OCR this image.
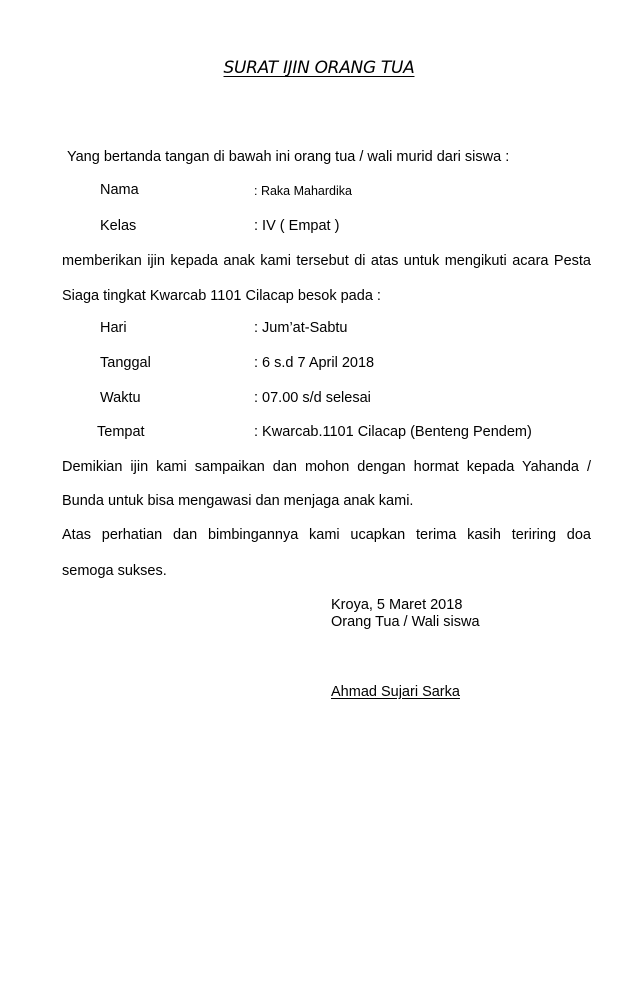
SURAT IJIN ORANG TUA
Yang bertanda tangan di bawah ini orang tua / wali murid dari siswa :
Nama	: Raka Mahardika
Kelas	: IV ( Empat )
memberikan ijin kepada anak kami tersebut di atas untuk mengikuti acara Pesta
Siaga tingkat Kwarcab 1101 Cilacap besok pada :
Hari	: Jum’at-Sabtu
Tanggal	: 6 s.d 7 April 2018
Waktu	: 07.00 s/d selesai
Tempat	: Kwarcab.1101 Cilacap (Benteng Pendem)
Demikian ijin kami sampaikan dan mohon dengan hormat kepada Yahanda /
Bunda untuk bisa mengawasi dan menjaga anak kami.
Atas perhatian dan bimbingannya kami ucapkan terima kasih teriring doa
semoga sukses.
Kroya, 5 Maret 2018
Orang Tua / Wali siswa
Ahmad Sujari Sarka
